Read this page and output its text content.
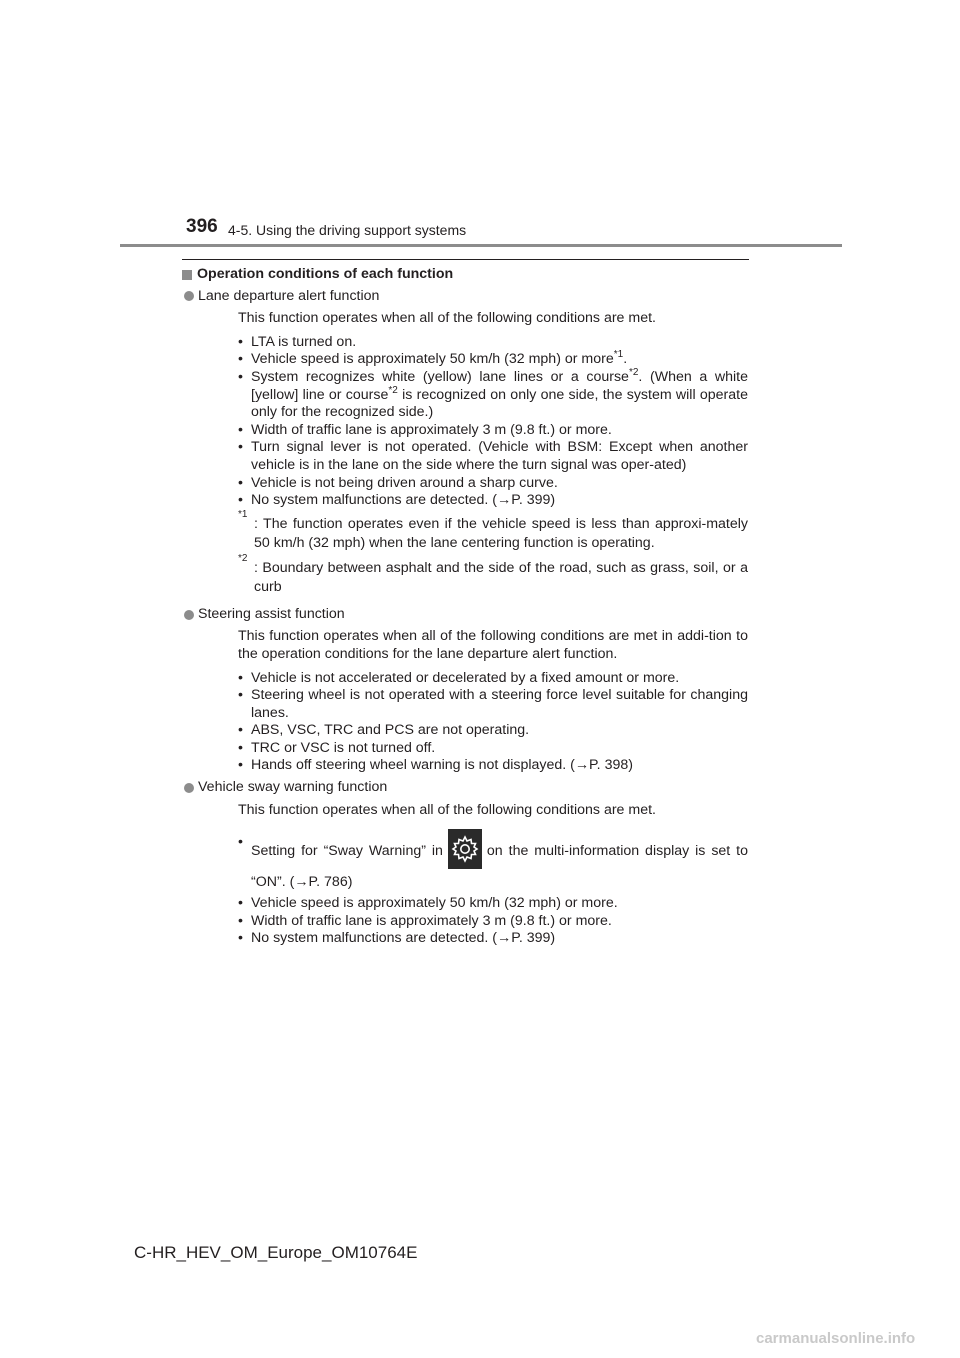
396 4-5. Using the driving support systems
Operation conditions of each function
Lane departure alert function
This function operates when all of the following conditions are met.
• LTA is turned on.
• Vehicle speed is approximately 50 km/h (32 mph) or more$^{*1}$.
• System recognizes white (yellow) lane lines or a course$^{*2}$. (When a white [yellow] line or course$^{*2}$ is recognized on only one side, the system will operate only for the recognized side.)
• Width of traffic lane is approximately 3 m (9.8 ft.) or more.
• Turn signal lever is not operated. (Vehicle with BSM: Except when another vehicle is in the lane on the side where the turn signal was oper-ated)
• Vehicle is not being driven around a sharp curve.
• No system malfunctions are detected. (→P. 399)
*1
: The function operates even if the vehicle speed is less than approxi-mately 50 km/h (32 mph) when the lane centering function is operating.
*2
: Boundary between asphalt and the side of the road, such as grass, soil, or a curb
Steering assist function
This function operates when all of the following conditions are met in addi-tion to the operation conditions for the lane departure alert function.
• Vehicle is not accelerated or decelerated by a fixed amount or more.
• Steering wheel is not operated with a steering force level suitable for changing lanes.
• ABS, VSC, TRC and PCS are not operating.
• TRC or VSC is not turned off.
• Hands off steering wheel warning is not displayed. (→P. 398)
Vehicle sway warning function
This function operates when all of the following conditions are met.
• Setting for “Sway Warning” in	on the multi-information display is set to “ON”. (→P. 786)
• Vehicle speed is approximately 50 km/h (32 mph) or more.
• Width of traffic lane is approximately 3 m (9.8 ft.) or more.
• No system malfunctions are detected. (→P. 399)
C-HR_HEV_OM_Europe_OM10764E
carmanualsonline.info
